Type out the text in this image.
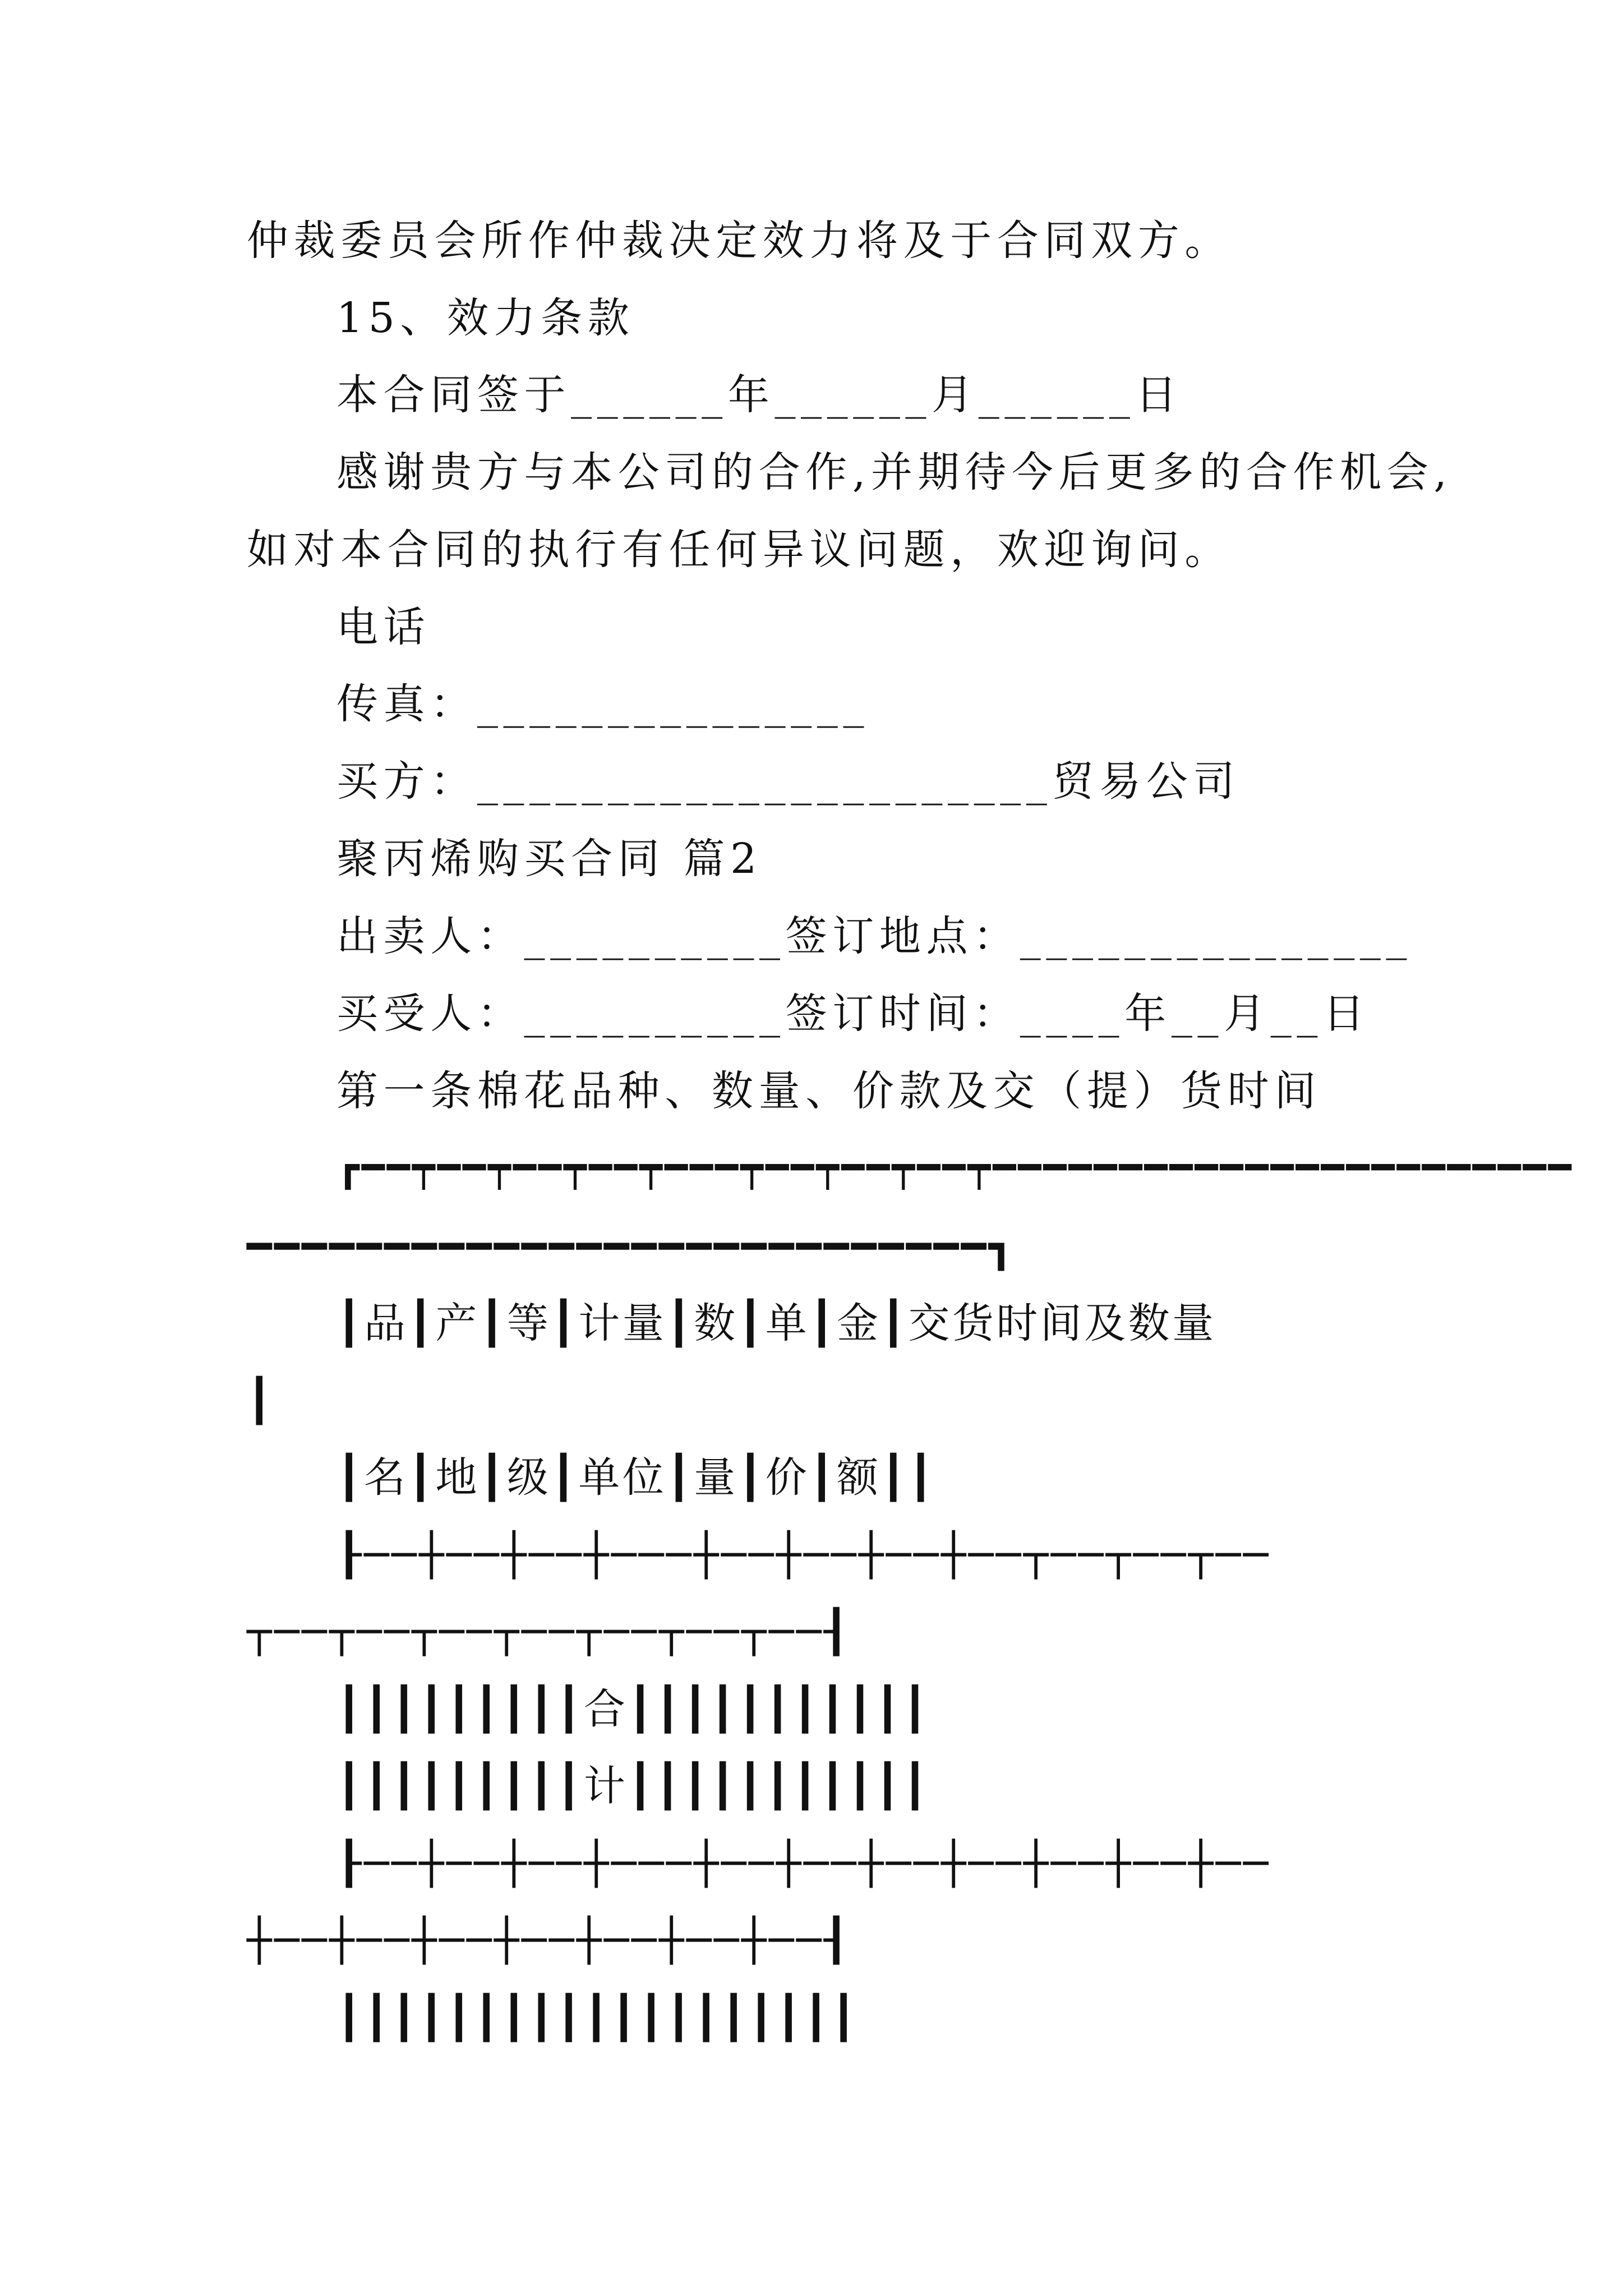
仲裁委员会所作仲裁决定效力将及于合同双方。
15、效力条款
本合同签于______年______月______日
感谢贵方与本公司的合作,并期待今后更多的合作机会,
如对本合同的执行有任何异议问题，欢迎询问。
电话
传真：_______________
买方：______________________贸易公司
聚丙烯购买合同 篇2
出卖人：__________签订地点：_______________
买受人：__________签订时间：____年__月__日
第一条棉花品种、数量、价款及交（提）货时间
┏━━┯━━┯━━┯━━┯━━━┯━━┯━━┯━━┯━━━━━━━━━━━━━━━━━━━━━━━
━━━━━━━━━━━━━━━━━━━━━━━━━━━┓
┃品┃产┃等┃计量┃数┃单┃金┃交货时间及数量
┃
┃名┃地┃级┃单位┃量┃价┃额┃┃
┠──┼──┼──┼───┼──┼──┼──┼──┬──┬──┬──
┬──┬──┬──┬──┬──┬──┬──┨
┃┃┃┃┃┃┃┃┃合┃┃┃┃┃┃┃┃┃┃┃
┃┃┃┃┃┃┃┃┃计┃┃┃┃┃┃┃┃┃┃┃
┠──┼──┼──┼───┼──┼──┼──┼──┼──┼──┼──
┼──┼──┼──┼──┼──┼──┼──┨
┃┃┃┃┃┃┃┃┃┃┃┃┃┃┃┃┃┃┃
